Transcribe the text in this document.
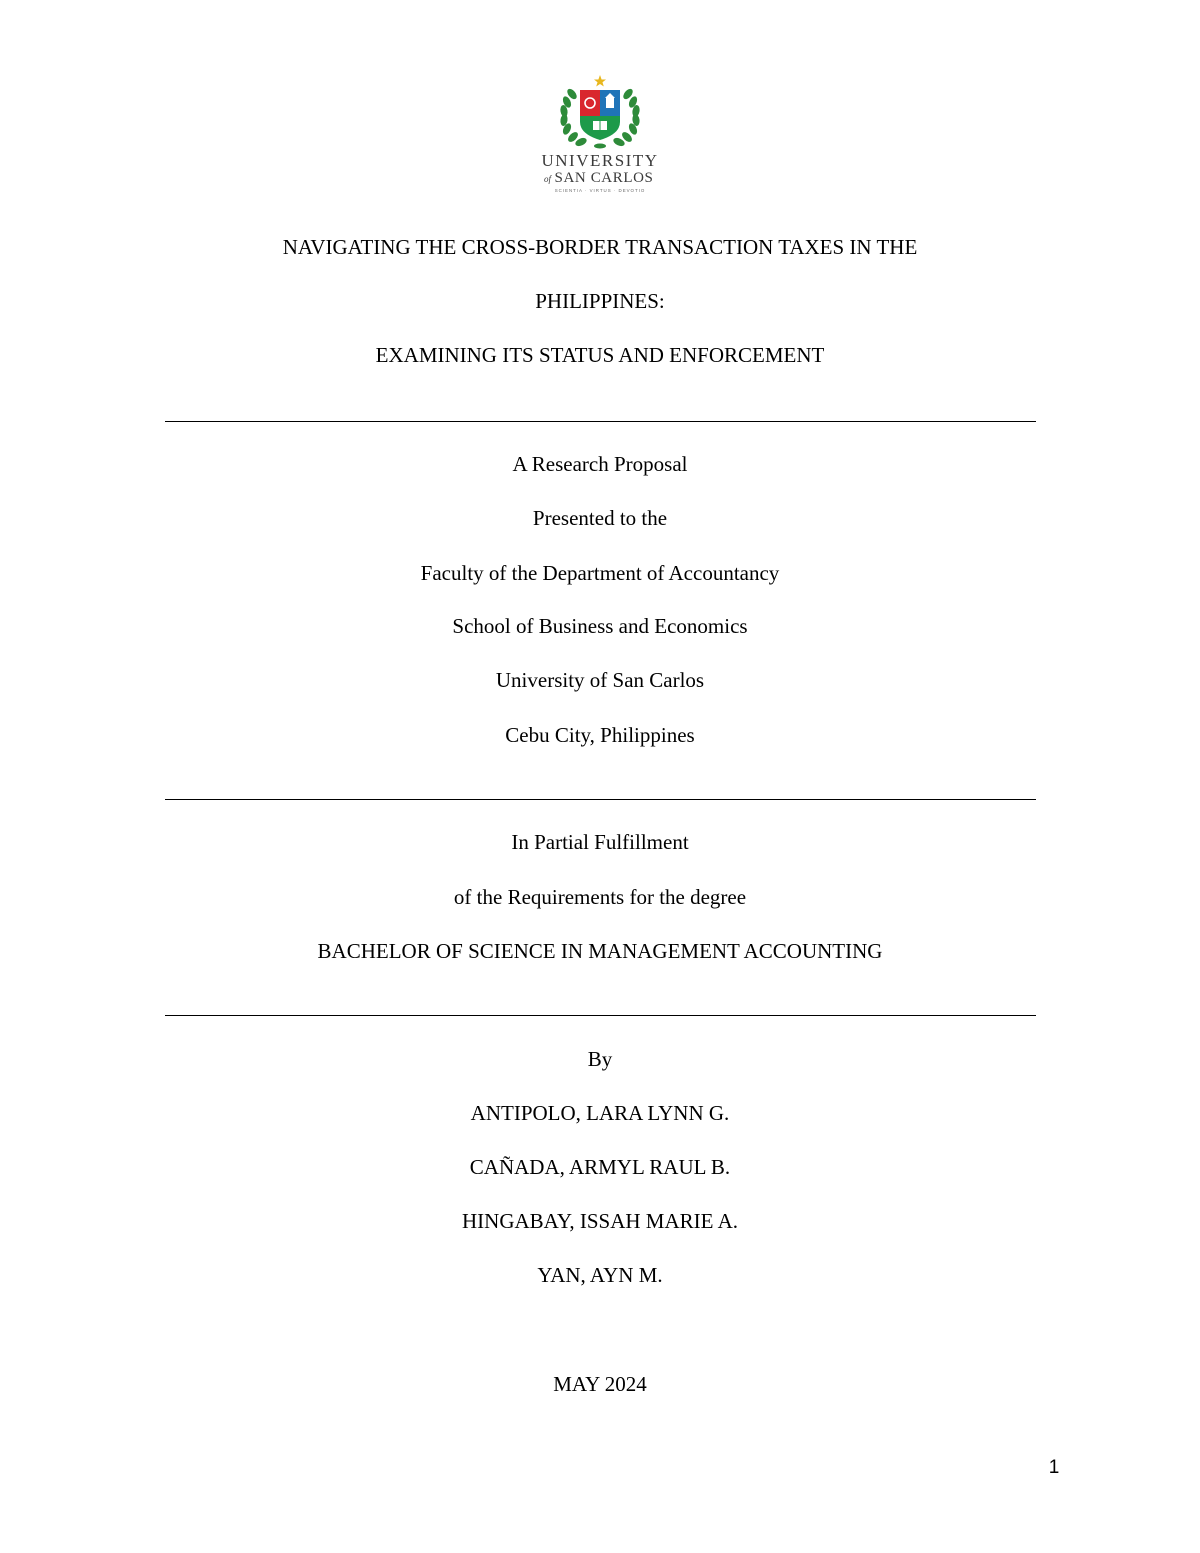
UNIVERSITY
of SAN CARLOS
SCIENTIA · VIRTUS · DEVOTIO
NAVIGATING THE CROSS-BORDER TRANSACTION TAXES IN THE
PHILIPPINES:
EXAMINING ITS STATUS AND ENFORCEMENT
A Research Proposal
Presented to the
Faculty of the Department of Accountancy
School of Business and Economics
University of San Carlos
Cebu City, Philippines
In Partial Fulfillment
of the Requirements for the degree
BACHELOR OF SCIENCE IN MANAGEMENT ACCOUNTING
By
ANTIPOLO, LARA LYNN G.
CAÑADA, ARMYL RAUL B.
HINGABAY, ISSAH MARIE A.
YAN, AYN M.
MAY 2024
1
